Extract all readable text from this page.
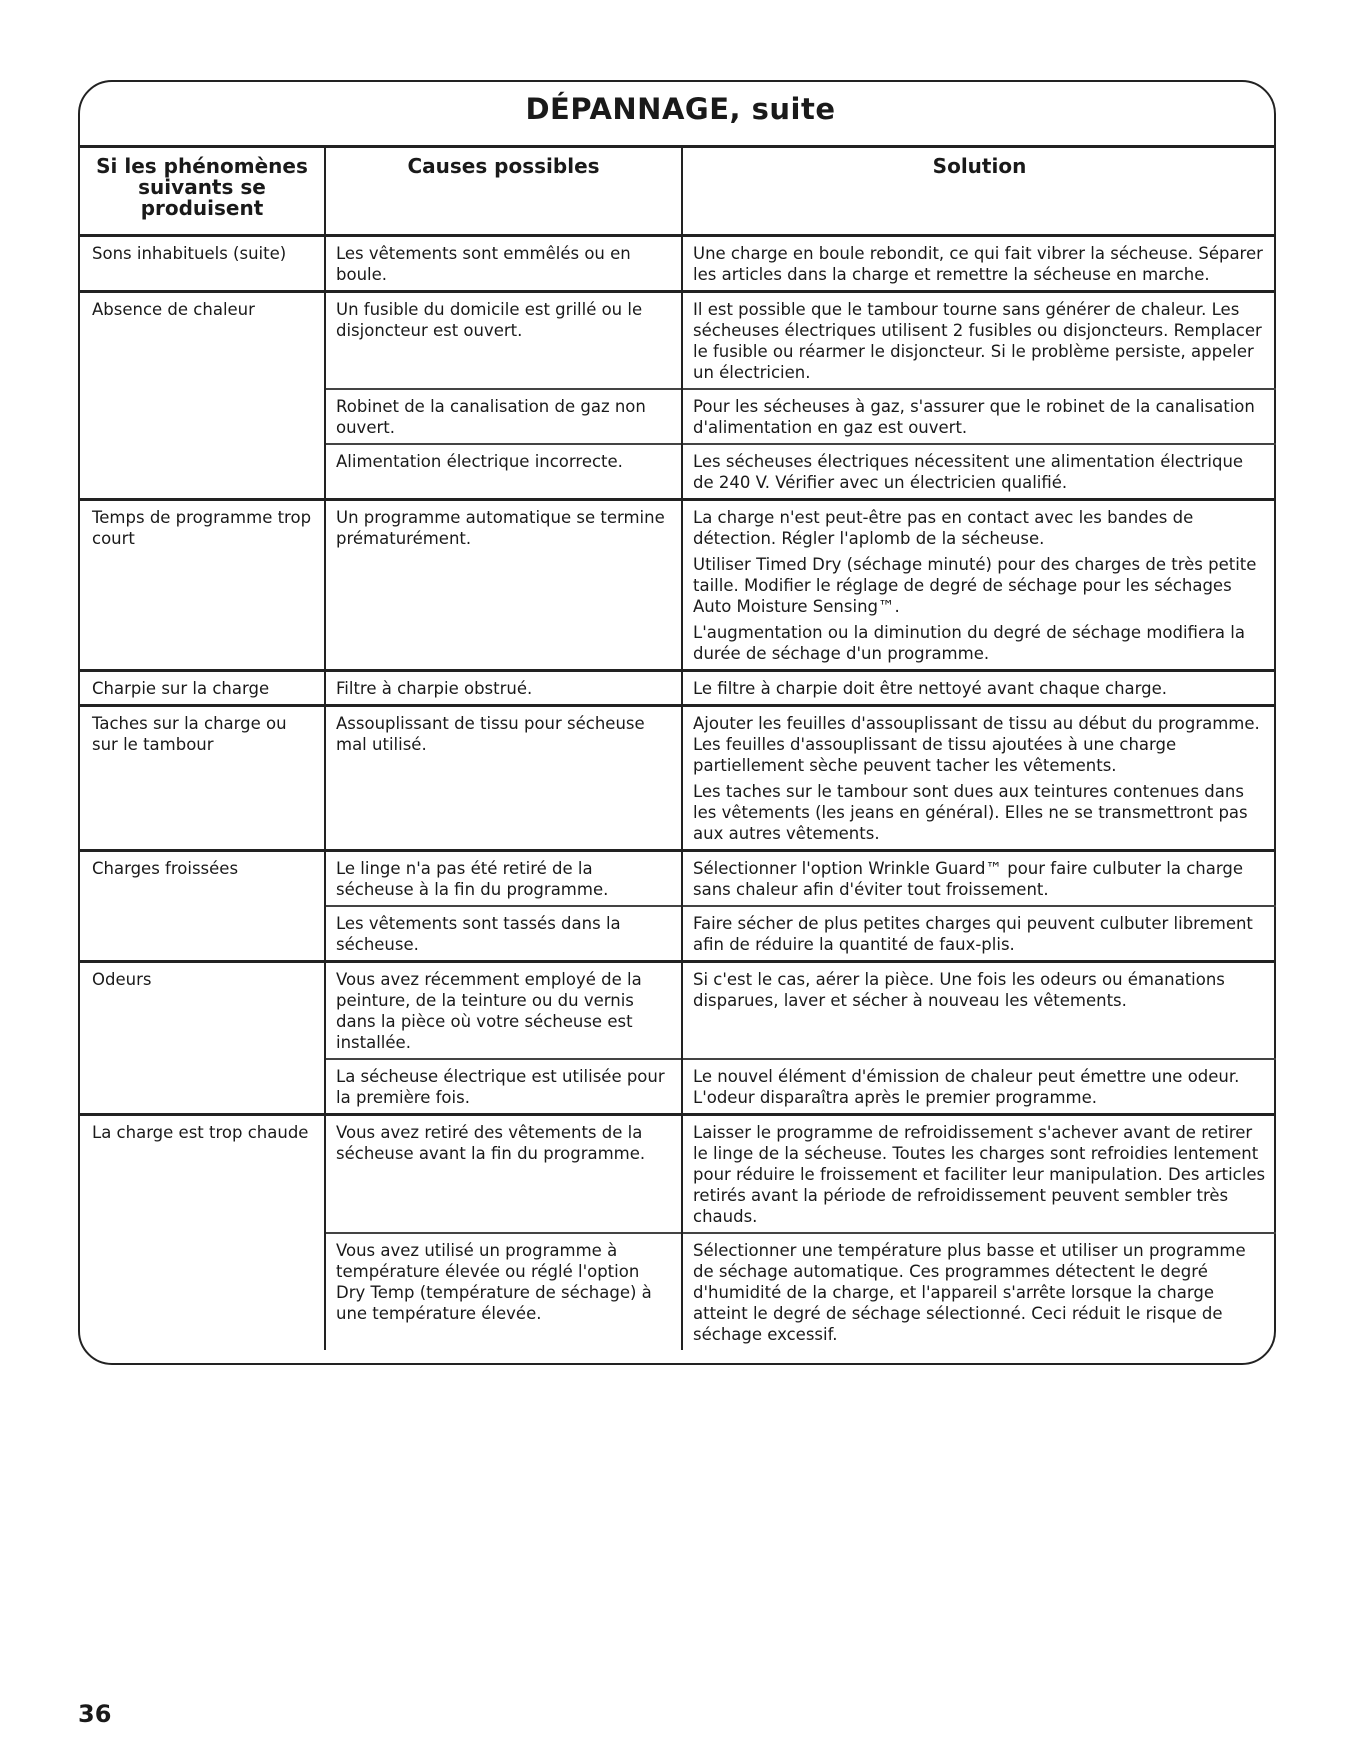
DÉPANNAGE, suite
Si les phénomènes suivants se produisent	Causes possibles	Solution
Sons inhabituels (suite)	Les vêtements sont emmêlés ou en boule.	Une charge en boule rebondit, ce qui fait vibrer la sécheuse. Séparer les articles dans la charge et remettre la sécheuse en marche.

Absence de chaleur	Un fusible du domicile est grillé ou le disjoncteur est ouvert.	Il est possible que le tambour tourne sans générer de chaleur. Les sécheuses électriques utilisent 2 fusibles ou disjoncteurs. Remplacer le fusible ou réarmer le disjoncteur. Si le problème persiste, appeler un électricien.

	Robinet de la canalisation de gaz non ouvert.	Pour les sécheuses à gaz, s'assurer que le robinet de la canalisation d'alimentation en gaz est ouvert.

	Alimentation électrique incorrecte.	Les sécheuses électriques nécessitent une alimentation électrique de 240 V. Vérifier avec un électricien qualifié.

Temps de programme trop court	Un programme automatique se termine prématurément.	La charge n'est peut-être pas en contact avec les bandes de détection. Régler l'aplomb de la sécheuse.

Utiliser Timed Dry (séchage minuté) pour des charges de très petite taille. Modifier le réglage de degré de séchage pour les séchages Auto Moisture Sensing™.

L'augmentation ou la diminution du degré de séchage modifiera la durée de séchage d'un programme.

Charpie sur la charge	Filtre à charpie obstrué.	Le filtre à charpie doit être nettoyé avant chaque charge.

Taches sur la charge ou sur le tambour	Assouplissant de tissu pour sécheuse mal utilisé.	Ajouter les feuilles d'assouplissant de tissu au début du programme. Les feuilles d'assouplissant de tissu ajoutées à une charge partiellement sèche peuvent tacher les vêtements.

Les taches sur le tambour sont dues aux teintures contenues dans les vêtements (les jeans en général). Elles ne se transmettront pas aux autres vêtements.

Charges froissées	Le linge n'a pas été retiré de la sécheuse à la fin du programme.	Sélectionner l'option Wrinkle Guard™ pour faire culbuter la charge sans chaleur afin d'éviter tout froissement.

	Les vêtements sont tassés dans la sécheuse.	Faire sécher de plus petites charges qui peuvent culbuter librement afin de réduire la quantité de faux-plis.

Odeurs	Vous avez récemment employé de la peinture, de la teinture ou du vernis dans la pièce où votre sécheuse est installée.	Si c'est le cas, aérer la pièce. Une fois les odeurs ou émanations disparues, laver et sécher à nouveau les vêtements.

	La sécheuse électrique est utilisée pour la première fois.	Le nouvel élément d'émission de chaleur peut émettre une odeur. L'odeur disparaîtra après le premier programme.

La charge est trop chaude	Vous avez retiré des vêtements de la sécheuse avant la fin du programme.	Laisser le programme de refroidissement s'achever avant de retirer le linge de la sécheuse. Toutes les charges sont refroidies lentement pour réduire le froissement et faciliter leur manipulation. Des articles retirés avant la période de refroidissement peuvent sembler très chauds.

	Vous avez utilisé un programme à température élevée ou réglé l'option Dry Temp (température de séchage) à une température élevée.	Sélectionner une température plus basse et utiliser un programme de séchage automatique. Ces programmes détectent le degré d'humidité de la charge, et l'appareil s'arrête lorsque la charge atteint le degré de séchage sélectionné. Ceci réduit le risque de séchage excessif.

36
